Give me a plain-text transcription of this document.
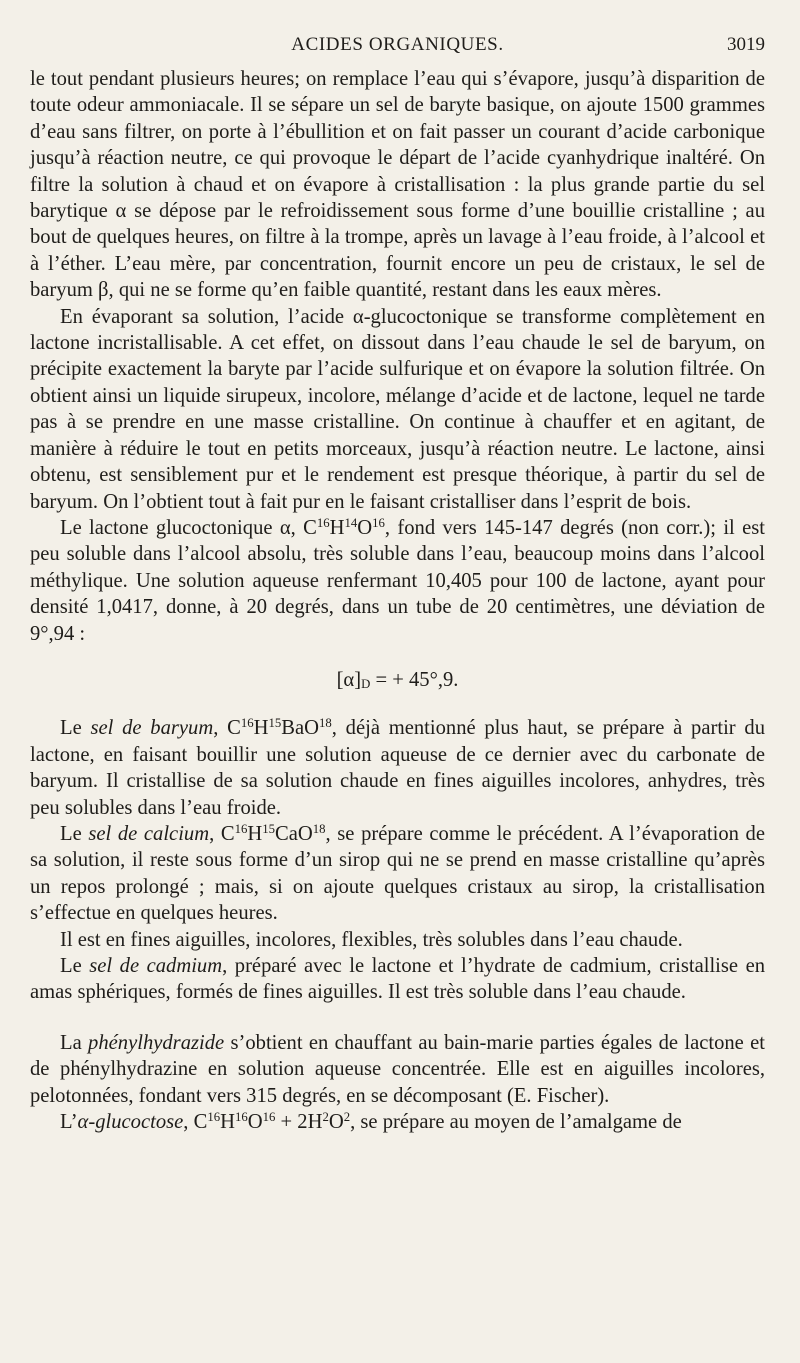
ACIDES ORGANIQUES.	3019

le tout pendant plusieurs heures; on remplace l’eau qui s’évapore, jusqu’à disparition de toute odeur ammoniacale. Il se sépare un sel de baryte basique, on ajoute 1500 grammes d’eau sans filtrer, on porte à l’ébullition et on fait passer un courant d’acide carbonique jusqu’à réaction neutre, ce qui provoque le départ de l’acide cyanhydrique inaltéré. On filtre la solution à chaud et on évapore à cristallisation : la plus grande partie du sel barytique α se dépose par le refroidissement sous forme d’une bouillie cristalline ; au bout de quelques heures, on filtre à la trompe, après un lavage à l’eau froide, à l’alcool et à l’éther. L’eau mère, par concentration, fournit encore un peu de cristaux, le sel de baryum β, qui ne se forme qu’en faible quantité, restant dans les eaux mères.

En évaporant sa solution, l’acide α-glucoctonique se transforme complètement en lactone incristallisable. A cet effet, on dissout dans l’eau chaude le sel de baryum, on précipite exactement la baryte par l’acide sulfurique et on évapore la solution filtrée. On obtient ainsi un liquide sirupeux, incolore, mélange d’acide et de lactone, lequel ne tarde pas à se prendre en une masse cristalline. On continue à chauffer et en agitant, de manière à réduire le tout en petits morceaux, jusqu’à réaction neutre. Le lactone, ainsi obtenu, est sensiblement pur et le rendement est presque théorique, à partir du sel de baryum. On l’obtient tout à fait pur en le faisant cristalliser dans l’esprit de bois.

Le lactone glucoctonique α, $C^{16}H^{14}O^{16}$, fond vers 145-147 degrés (non corr.); il est peu soluble dans l’alcool absolu, très soluble dans l’eau, beaucoup moins dans l’alcool méthylique. Une solution aqueuse renfermant 10,405 pour 100 de lactone, ayant pour densité 1,0417, donne, à 20 degrés, dans un tube de 20 centimètres, une déviation de 9°,94 :

$[\alpha]_D$ = + 45°,9.

Le sel de baryum, $C^{16}H^{15}BaO^{18}$, déjà mentionné plus haut, se prépare à partir du lactone, en faisant bouillir une solution aqueuse de ce dernier avec du carbonate de baryum. Il cristallise de sa solution chaude en fines aiguilles incolores, anhydres, très peu solubles dans l’eau froide.

Le sel de calcium, $C^{16}H^{15}CaO^{18}$, se prépare comme le précédent. A l’évaporation de sa solution, il reste sous forme d’un sirop qui ne se prend en masse cristalline qu’après un repos prolongé ; mais, si on ajoute quelques cristaux au sirop, la cristallisation s’effectue en quelques heures.

Il est en fines aiguilles, incolores, flexibles, très solubles dans l’eau chaude.

Le sel de cadmium, préparé avec le lactone et l’hydrate de cadmium, cristallise en amas sphériques, formés de fines aiguilles. Il est très soluble dans l’eau chaude.

La phénylhydrazide s’obtient en chauffant au bain-marie parties égales de lactone et de phénylhydrazine en solution aqueuse concentrée. Elle est en aiguilles incolores, pelotonnées, fondant vers 315 degrés, en se décomposant (E. Fischer).

L’α-glucoctose, $C^{16}H^{16}O^{16} + 2H^2O^2$, se prépare au moyen de l’amalgame de
